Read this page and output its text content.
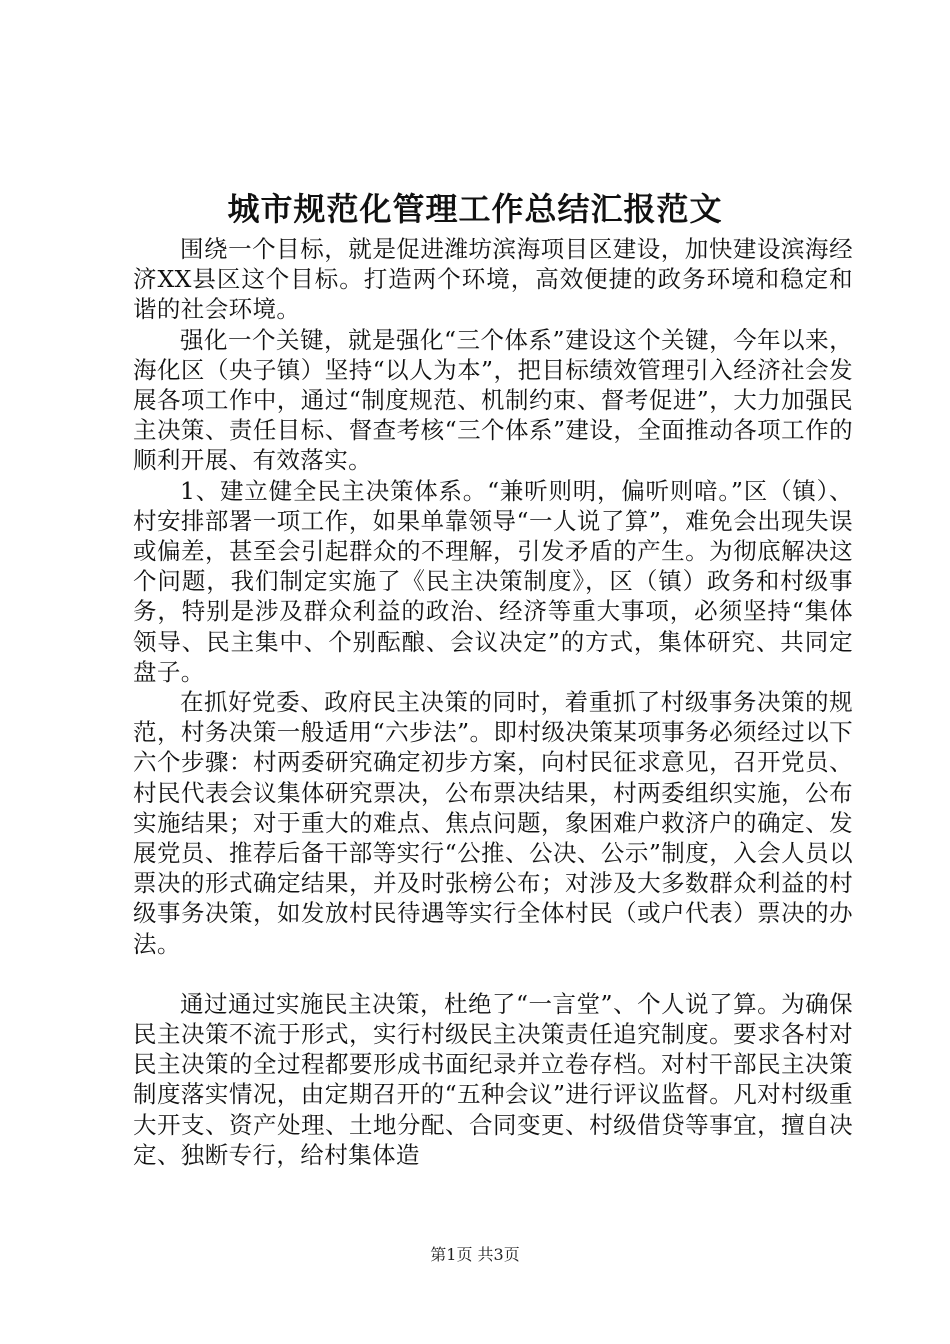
城市规范化管理工作总结汇报范文

围绕一个目标，就是促进潍坊滨海项目区建设，加快建设滨海经济XX县区这个目标。打造两个环境，高效便捷的政务环境和稳定和谐的社会环境。

强化一个关键，就是强化“三个体系”建设这个关键，今年以来，海化区（央子镇）坚持“以人为本”，把目标绩效管理引入经济社会发展各项工作中，通过“制度规范、机制约束、督考促进”，大力加强民主决策、责任目标、督查考核“三个体系”建设，全面推动各项工作的顺利开展、有效落实。

1、建立健全民主决策体系。“兼听则明，偏听则喑。”区（镇）、村安排部署一项工作，如果单靠领导“一人说了算”，难免会出现失误或偏差，甚至会引起群众的不理解，引发矛盾的产生。为彻底解决这个问题，我们制定实施了《民主决策制度》，区（镇）政务和村级事务，特别是涉及群众利益的政治、经济等重大事项，必须坚持“集体领导、民主集中、个别酝酿、会议决定”的方式，集体研究、共同定盘子。

在抓好党委、政府民主决策的同时，着重抓了村级事务决策的规范，村务决策一般适用“六步法”。即村级决策某项事务必须经过以下六个步骤：村两委研究确定初步方案，向村民征求意见，召开党员、村民代表会议集体研究票决，公布票决结果，村两委组织实施，公布实施结果；对于重大的难点、焦点问题，象困难户救济户的确定、发展党员、推荐后备干部等实行“公推、公决、公示”制度，入会人员以票决的形式确定结果，并及时张榜公布；对涉及大多数群众利益的村级事务决策，如发放村民待遇等实行全体村民（或户代表）票决的办法。

通过通过实施民主决策，杜绝了“一言堂”、个人说了算。为确保民主决策不流于形式，实行村级民主决策责任追究制度。要求各村对民主决策的全过程都要形成书面纪录并立卷存档。对村干部民主决策制度落实情况，由定期召开的“五种会议”进行评议监督。凡对村级重大开支、资产处理、土地分配、合同变更、村级借贷等事宜，擅自决定、独断专行，给村集体造

第1页 共3页
